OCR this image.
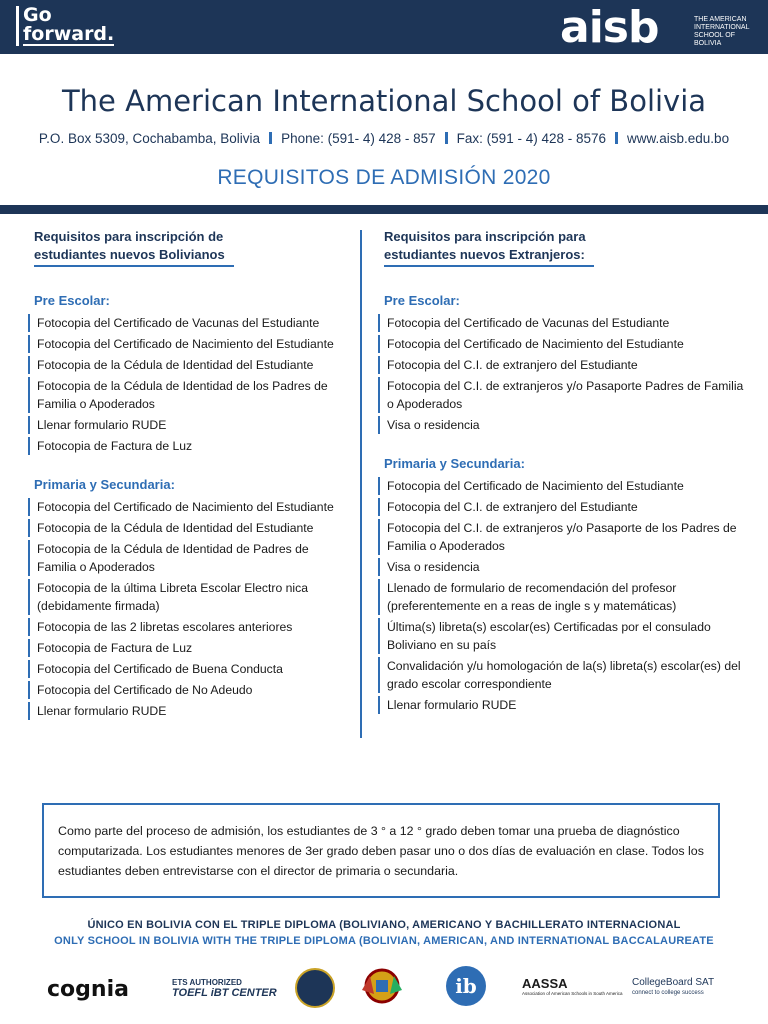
Go
forward.	aisb	THE AMERICAN INTERNATIONAL SCHOOL OF BOLIVIA
The American International School of Bolivia
P.O. Box 5309, Cochabamba, Bolivia Phone: (591- 4) 428 - 857 Fax: (591 - 4) 428 - 8576 www.aisb.edu.bo
REQUISITOS DE ADMISIÓN 2020
Requisitos para inscripción de estudiantes nuevos Bolivianos
Pre Escolar:
Fotocopia del Certificado de Vacunas del Estudiante
Fotocopia del Certificado de Nacimiento del Estudiante
Fotocopia de la Cédula de Identidad del Estudiante
Fotocopia de la Cédula de Identidad de los Padres de Familia o Apoderados
Llenar formulario RUDE
Fotocopia de Factura de Luz
Primaria y Secundaria:
Fotocopia del Certificado de Nacimiento del Estudiante
Fotocopia de la Cédula de Identidad del Estudiante
Fotocopia de la Cédula de Identidad de Padres de Familia o Apoderados
Fotocopia de la última Libreta Escolar Electro nica (debidamente firmada)
Fotocopia de las 2 libretas escolares anteriores
Fotocopia de Factura de Luz
Fotocopia del Certificado de Buena Conducta
Fotocopia del Certificado de No Adeudo
Llenar formulario RUDE
Requisitos para inscripción para estudiantes nuevos Extranjeros:
Pre Escolar:
Fotocopia del Certificado de Vacunas del Estudiante
Fotocopia del Certificado de Nacimiento del Estudiante
Fotocopia del C.I. de extranjero del Estudiante
Fotocopia del C.I. de extranjeros y/o Pasaporte Padres de Familia o Apoderados
Visa o residencia
Primaria y Secundaria:
Fotocopia del Certificado de Nacimiento del Estudiante
Fotocopia del C.I. de extranjero del Estudiante
Fotocopia del C.I. de extranjeros y/o Pasaporte de los Padres de Familia o Apoderados
Visa o residencia
Llenado de formulario de recomendación del profesor (preferentemente en a reas de ingle s y matemáticas)
Última(s) libreta(s) escolar(es) Certificadas por el consulado Boliviano en su país
Convalidación y/u homologación de la(s) libreta(s) escolar(es) del grado escolar correspondiente
Llenar formulario RUDE
Como parte del proceso de admisión, los estudiantes de 3 ° a 12 ° grado deben tomar una prueba de diagnóstico computarizada. Los estudiantes menores de 3er grado deben pasar uno o dos días de evaluación en clase. Todos los estudiantes deben entrevistarse con el director de primaria o secundaria.
ÚNICO EN BOLIVIA CON EL TRIPLE DIPLOMA (BOLIVIANO, AMERICANO Y BACHILLERATO INTERNACIONAL
ONLY SCHOOL IN BOLIVIA WITH THE TRIPLE DIPLOMA (BOLIVIAN, AMERICAN, AND INTERNATIONAL BACCALAUREATE
cognia	ETS AUTHORIZED
TOEFL iBT CENTER	ib	AASSA
Association of American Schools in South America
CollegeBoard SAT
connect to college success
